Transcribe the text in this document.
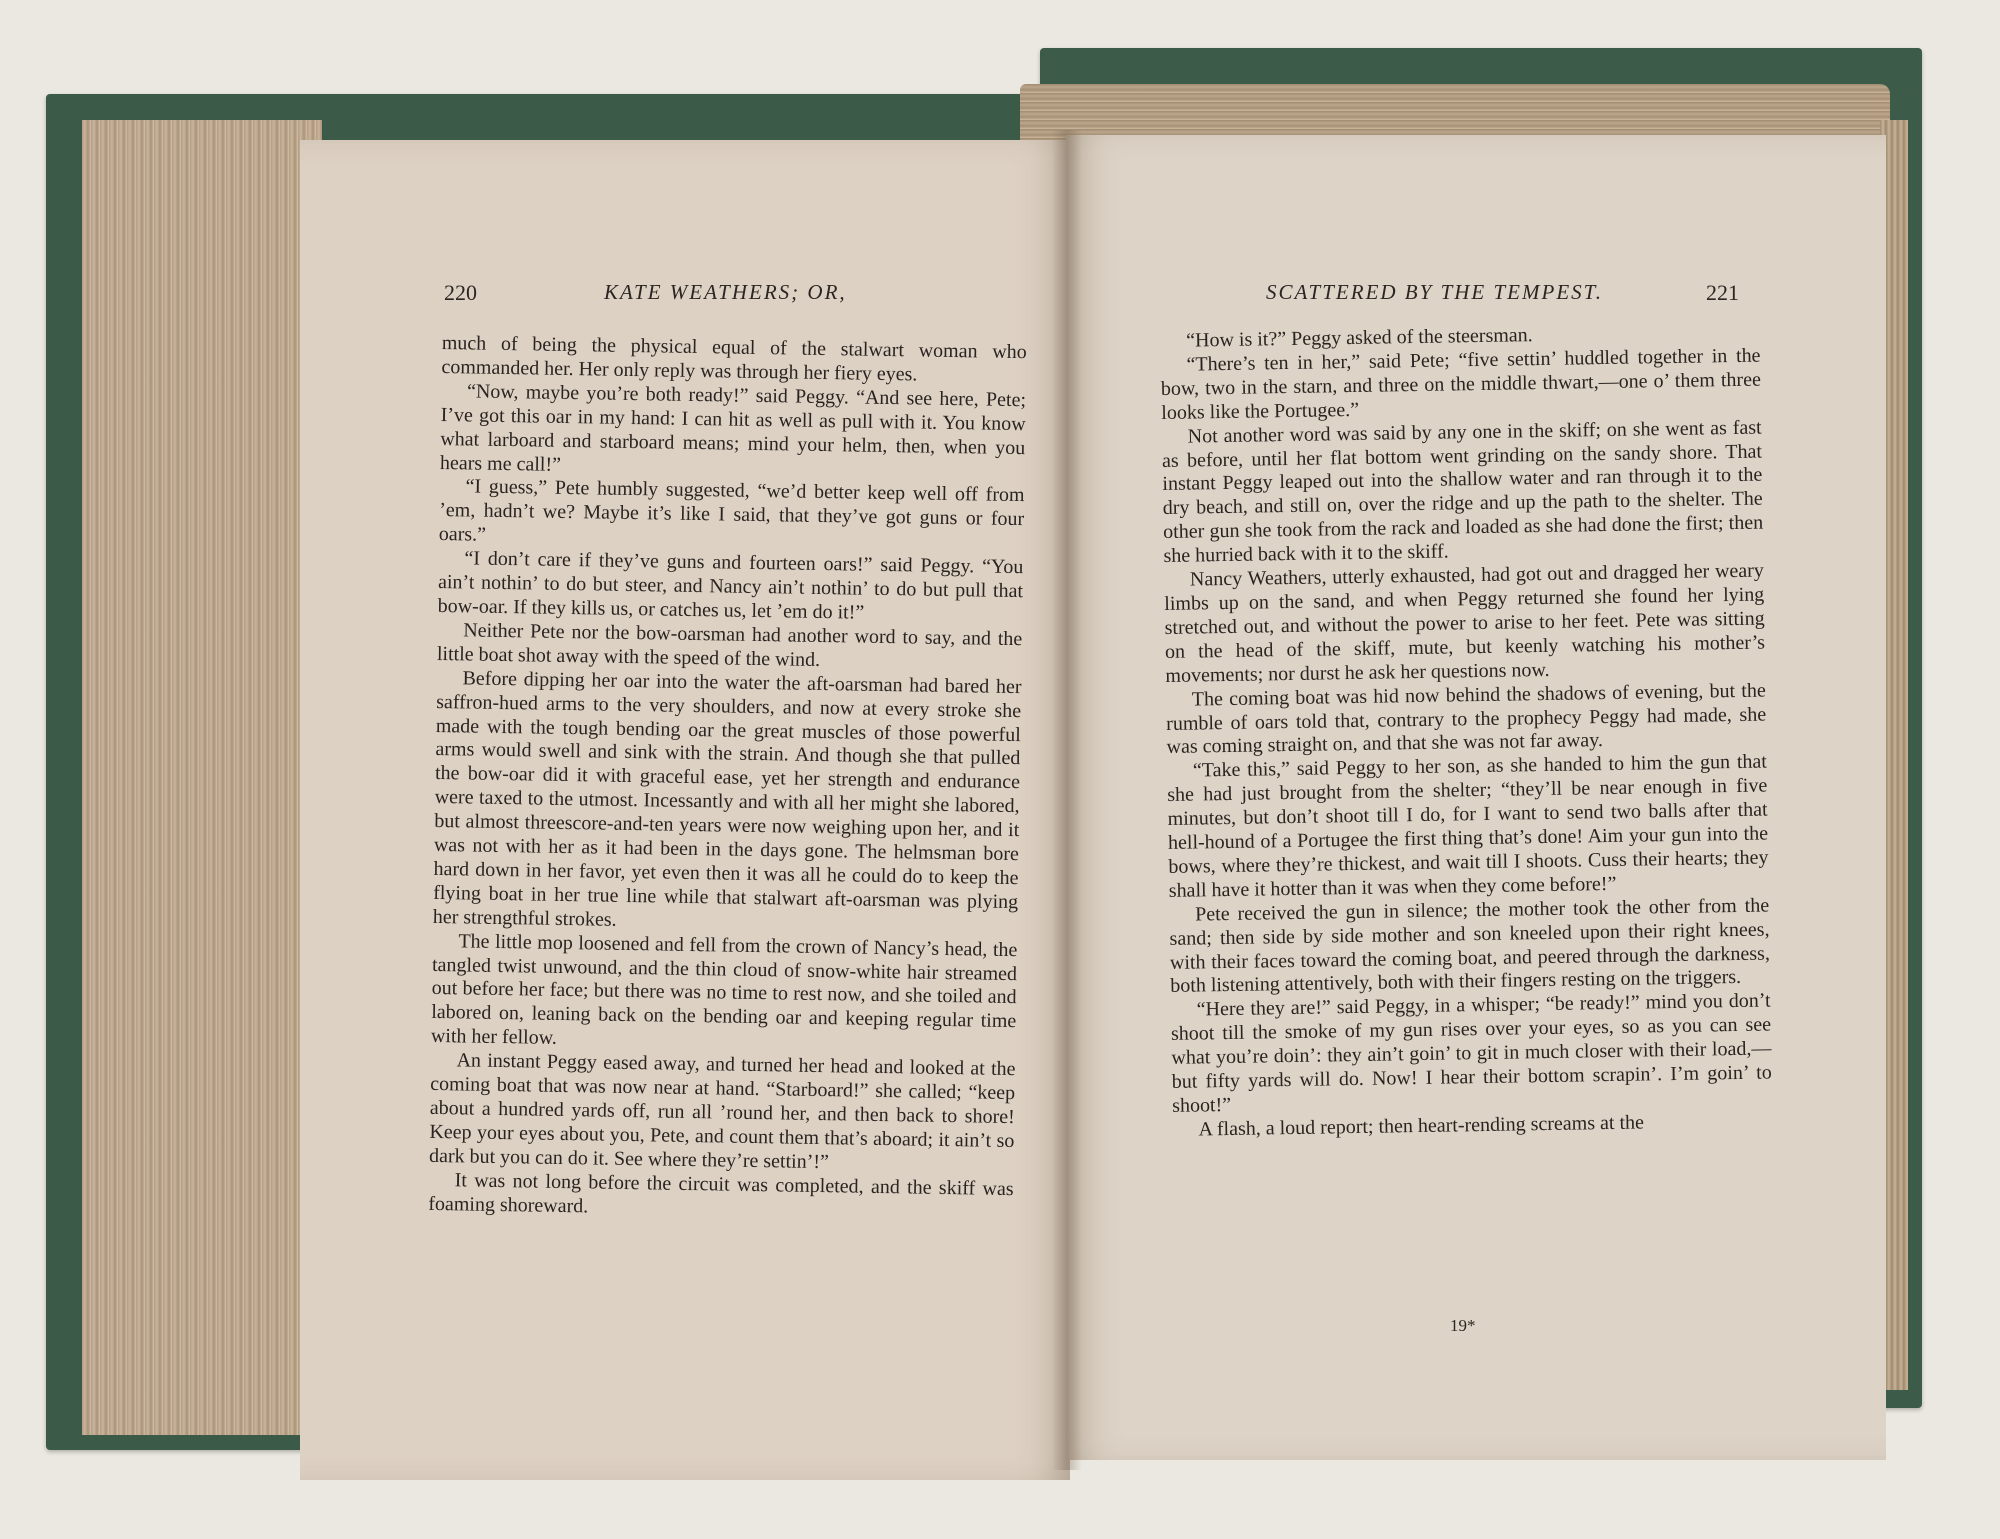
220	KATE WEATHERS; OR,	SCATTERED BY THE TEMPEST.	221

much of being the physical equal of the stalwart woman who commanded her. Her only reply was through her fiery eyes.

“Now, maybe you’re both ready!” said Peggy. “And see here, Pete; I’ve got this oar in my hand: I can hit as well as pull with it. You know what larboard and starboard means; mind your helm, then, when you hears me call!”

“I guess,” Pete humbly suggested, “we’d better keep well off from ’em, hadn’t we? Maybe it’s like I said, that they’ve got guns or four oars.”

“I don’t care if they’ve guns and fourteen oars!” said Peggy. “You ain’t nothin’ to do but steer, and Nancy ain’t nothin’ to do but pull that bow-oar. If they kills us, or catches us, let ’em do it!”

Neither Pete nor the bow-oarsman had another word to say, and the little boat shot away with the speed of the wind.

Before dipping her oar into the water the aft-oarsman had bared her saffron-hued arms to the very shoulders, and now at every stroke she made with the tough bending oar the great muscles of those powerful arms would swell and sink with the strain. And though she that pulled the bow-oar did it with graceful ease, yet her strength and endurance were taxed to the utmost. Incessantly and with all her might she labored, but almost threescore-and-ten years were now weighing upon her, and it was not with her as it had been in the days gone. The helmsman bore hard down in her favor, yet even then it was all he could do to keep the flying boat in her true line while that stalwart aft-oarsman was plying her strengthful strokes.

The little mop loosened and fell from the crown of Nancy’s head, the tangled twist unwound, and the thin cloud of snow-white hair streamed out before her face; but there was no time to rest now, and she toiled and labored on, leaning back on the bending oar and keeping regular time with her fellow.

An instant Peggy eased away, and turned her head and looked at the coming boat that was now near at hand. “Starboard!” she called; “keep about a hundred yards off, run all ’round her, and then back to shore! Keep your eyes about you, Pete, and count them that’s aboard; it ain’t so dark but you can do it. See where they’re settin’!”

It was not long before the circuit was completed, and the skiff was foaming shoreward.

“How is it?” Peggy asked of the steersman.

“There’s ten in her,” said Pete; “five settin’ huddled together in the bow, two in the starn, and three on the middle thwart,—one o’ them three looks like the Portugee.”

Not another word was said by any one in the skiff; on she went as fast as before, until her flat bottom went grinding on the sandy shore. That instant Peggy leaped out into the shallow water and ran through it to the dry beach, and still on, over the ridge and up the path to the shelter. The other gun she took from the rack and loaded as she had done the first; then she hurried back with it to the skiff.

Nancy Weathers, utterly exhausted, had got out and dragged her weary limbs up on the sand, and when Peggy returned she found her lying stretched out, and without the power to arise to her feet. Pete was sitting on the head of the skiff, mute, but keenly watching his mother’s movements; nor durst he ask her questions now.

The coming boat was hid now behind the shadows of evening, but the rumble of oars told that, contrary to the prophecy Peggy had made, she was coming straight on, and that she was not far away.

“Take this,” said Peggy to her son, as she handed to him the gun that she had just brought from the shelter; “they’ll be near enough in five minutes, but don’t shoot till I do, for I want to send two balls after that hell-hound of a Portugee the first thing that’s done! Aim your gun into the bows, where they’re thickest, and wait till I shoots. Cuss their hearts; they shall have it hotter than it was when they come before!”

Pete received the gun in silence; the mother took the other from the sand; then side by side mother and son kneeled upon their right knees, with their faces toward the coming boat, and peered through the darkness, both listening attentively, both with their fingers resting on the triggers.

“Here they are!” said Peggy, in a whisper; “be ready!” mind you don’t shoot till the smoke of my gun rises over your eyes, so as you can see what you’re doin’: they ain’t goin’ to git in much closer with their load,—but fifty yards will do. Now! I hear their bottom scrapin’. I’m goin’ to shoot!”

A flash, a loud report; then heart-rending screams at the

19*
